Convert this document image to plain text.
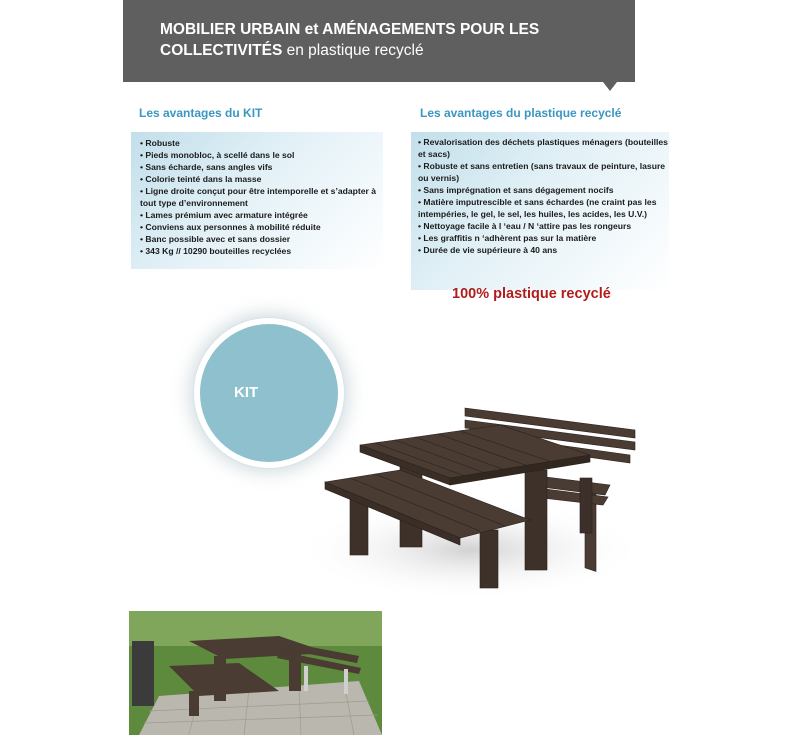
MOBILIER URBAIN et AMÉNAGEMENTS POUR LES COLLECTIVITÉS en plastique recyclé
Les avantages du KIT
• Robuste
• Pieds monobloc, à scellé dans le sol
• Sans écharde, sans angles vifs
• Colorie teinté dans la masse
• Ligne droite conçut pour être intemporelle et s’adapter à tout type d’environnement
• Lames prémium avec armature intégrée
• Conviens aux personnes à mobilité réduite
• Banc possible avec et sans dossier
• 343 Kg // 10290 bouteilles recyclées
Les avantages du plastique recyclé
• Revalorisation des déchets plastiques ménagers (bouteilles et sacs)
• Robuste et sans entretien (sans travaux de peinture, lasure ou vernis)
• Sans imprégnation et sans dégagement nocifs
• Matière imputrescible et sans échardes (ne craint pas les intempéries, le gel, le sel, les huiles, les acides, les U.V.)
• Nettoyage facile à l ‘eau / N ‘attire pas les rongeurs
• Les graffitis n ‘adhèrent pas sur la matière
• Durée de vie supérieure à 40 ans

100% plastique recyclé

KIT
